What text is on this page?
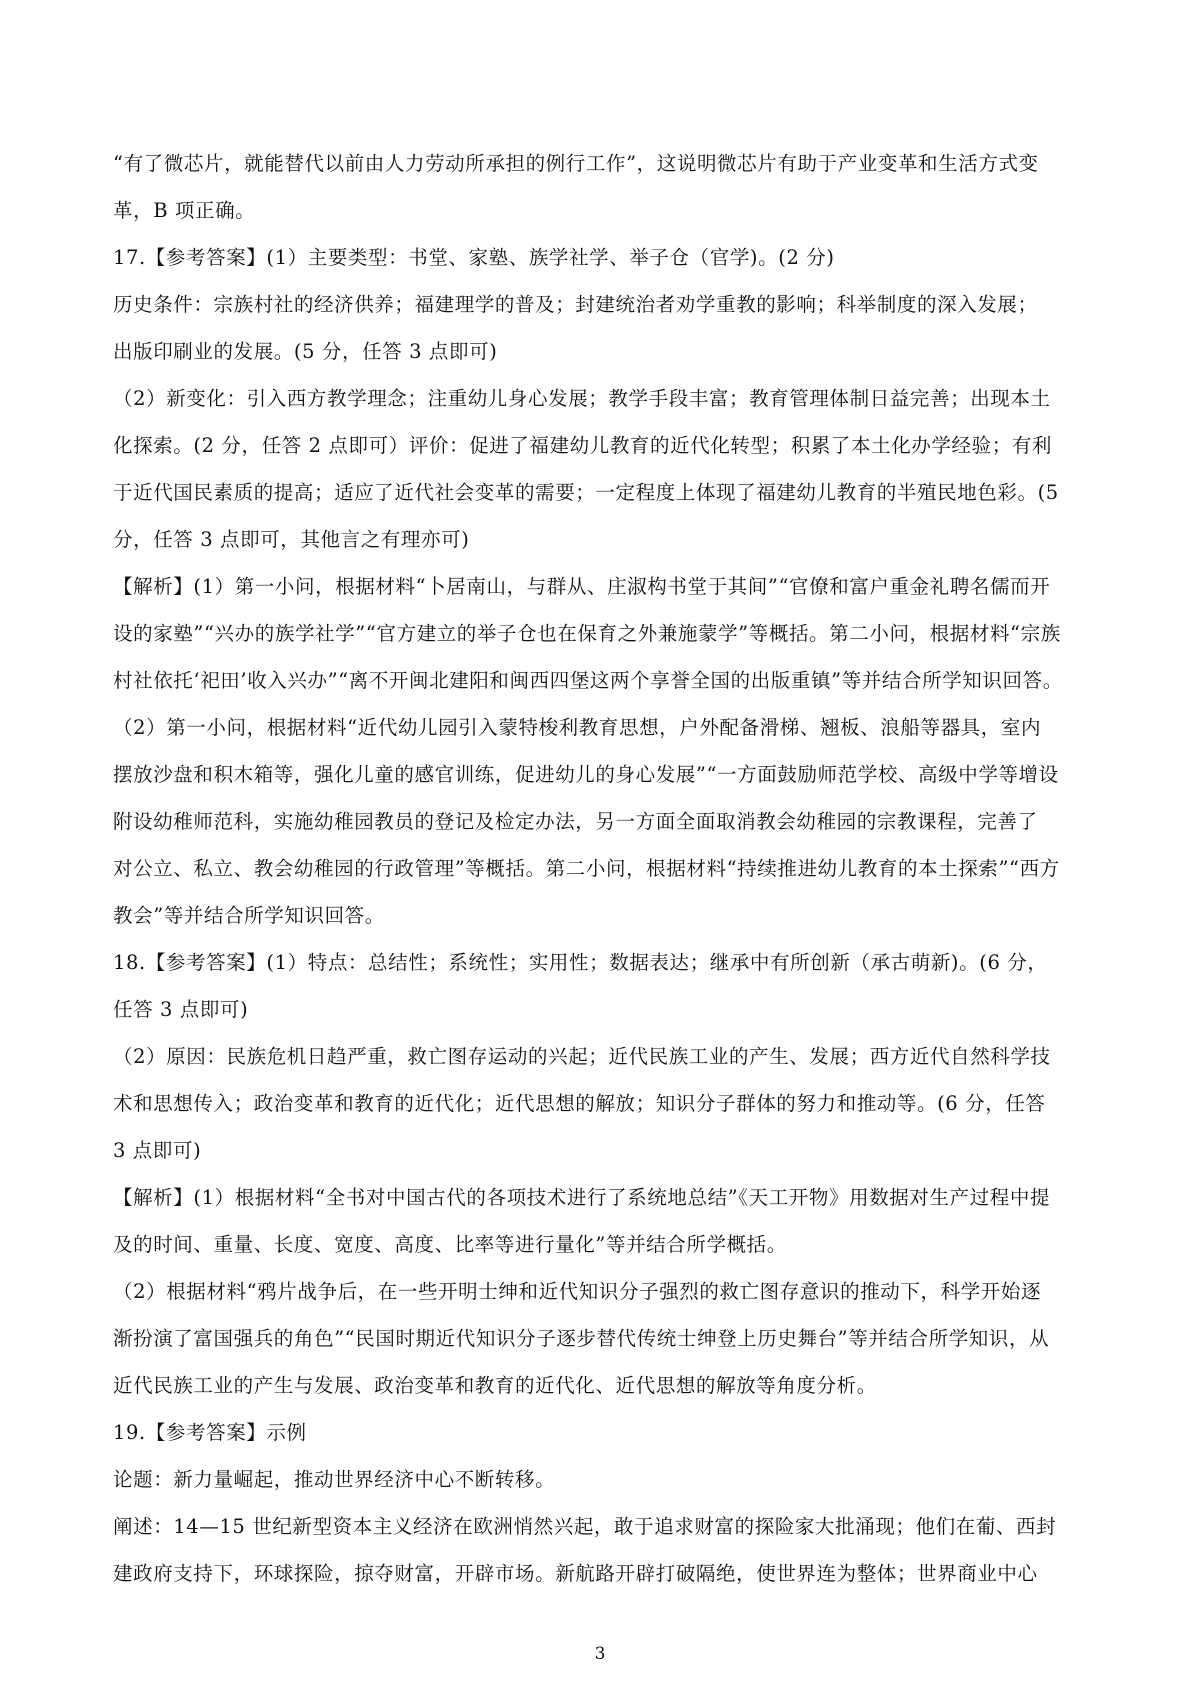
“有了微芯片，就能替代以前由人力劳动所承担的例行工作”，这说明微芯片有助于产业变革和生活方式变
革，B 项正确。
17.【参考答案】(1）主要类型：书堂、家塾、族学社学、举子仓（官学)。(2 分)
历史条件：宗族村社的经济供养；福建理学的普及；封建统治者劝学重教的影响；科举制度的深入发展；
出版印刷业的发展。(5 分，任答 3 点即可)
（2）新变化：引入西方教学理念；注重幼儿身心发展；教学手段丰富；教育管理体制日益完善；出现本土
化探索。(2 分，任答 2 点即可）评价：促进了福建幼儿教育的近代化转型；积累了本土化办学经验；有利
于近代国民素质的提高；适应了近代社会变革的需要；一定程度上体现了福建幼儿教育的半殖民地色彩。(5
分，任答 3 点即可，其他言之有理亦可)
【解析】(1）第一小问，根据材料“卜居南山，与群从、庄淑构书堂于其间”“官僚和富户重金礼聘名儒而开
设的家塾”“兴办的族学社学”“官方建立的举子仓也在保育之外兼施蒙学”等概括。第二小问，根据材料“宗族
村社依托‘祀田’收入兴办”“离不开闽北建阳和闽西四堡这两个享誉全国的出版重镇”等并结合所学知识回答。
（2）第一小问，根据材料“近代幼儿园引入蒙特梭利教育思想，户外配备滑梯、翘板、浪船等器具，室内
摆放沙盘和积木箱等，强化儿童的感官训练，促进幼儿的身心发展”“一方面鼓励师范学校、高级中学等增设
附设幼稚师范科，实施幼稚园教员的登记及检定办法，另一方面全面取消教会幼稚园的宗教课程，完善了
对公立、私立、教会幼稚园的行政管理”等概括。第二小问，根据材料“持续推进幼儿教育的本土探索”“西方
教会”等并结合所学知识回答。
18.【参考答案】(1）特点：总结性；系统性；实用性；数据表达；继承中有所创新（承古萌新)。(6 分，
任答 3 点即可)
（2）原因：民族危机日趋严重，救亡图存运动的兴起；近代民族工业的产生、发展；西方近代自然科学技
术和思想传入；政治变革和教育的近代化；近代思想的解放；知识分子群体的努力和推动等。(6 分，任答
3 点即可)
【解析】(1）根据材料“全书对中国古代的各项技术进行了系统地总结”《天工开物》用数据对生产过程中提
及的时间、重量、长度、宽度、高度、比率等进行量化”等并结合所学概括。
（2）根据材料“鸦片战争后，在一些开明士绅和近代知识分子强烈的救亡图存意识的推动下，科学开始逐
渐扮演了富国强兵的角色”“民国时期近代知识分子逐步替代传统士绅登上历史舞台”等并结合所学知识，从
近代民族工业的产生与发展、政治变革和教育的近代化、近代思想的解放等角度分析。
19.【参考答案】示例
论题：新力量崛起，推动世界经济中心不断转移。
阐述：14—15 世纪新型资本主义经济在欧洲悄然兴起，敢于追求财富的探险家大批涌现；他们在葡、西封
建政府支持下，环球探险，掠夺财富，开辟市场。新航路开辟打破隔绝，使世界连为整体；世界商业中心
3
